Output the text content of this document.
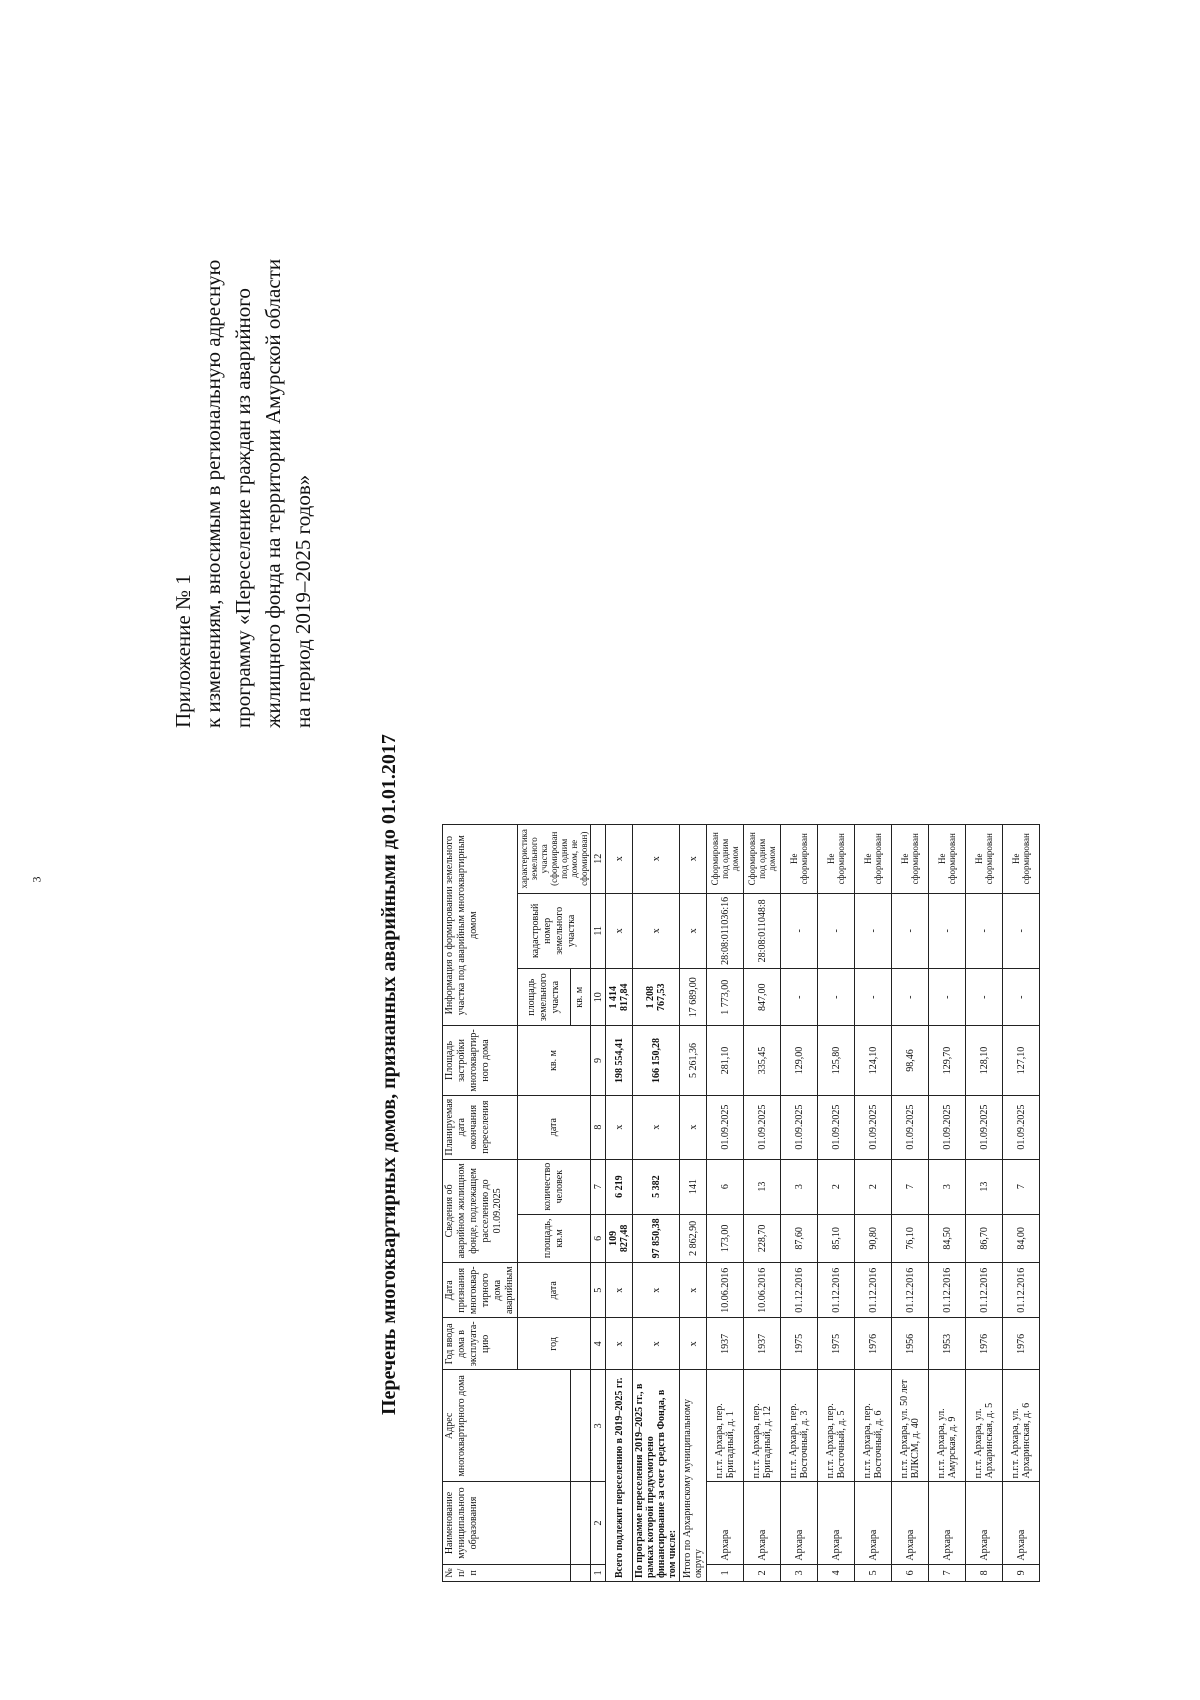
3
Приложение № 1 к изменениям, вносимым в региональную адресную программу «Переселение граждан из аварийного жилищного фонда на территории Амурской области на период 2019–2025 годов»
Перечень многоквартирных домов, признанных аварийными до 01.01.2017
№ п/п	Наименование муниципального образования	Адрес многоквартирного дома	Год ввода дома в эксплуата-цию	Дата признания многоквар-тирного дома аварийным	Сведения об аварийном жилищном фонде, подлежащем расселению до 01.09.2025		Планируемая дата окончания переселения	Площадь застройки многоквартир-ного дома	Информация о формировании земельного участка под аварийным многоквартирным домом		
			год	дата	площадь, кв.м	количество человек	дата	кв. м	площадь земельного участка	кадастровый номер земельного участка	характеристика земельного участка (сформирован под одним домом, не сформирован)
									кв. м		
1	2	3	4	5	6	7	8	9	10	11	12
Всего подлежит переселению в 2019–2025 гг.			x	x	109 827,48	6 219	x	198 554,41	1 414 817,84	x	x
По программе переселения 2019–2025 гг., в рамках которой предусмотрено финансирование за счет средств Фонда, в том числе:			x	x	97 850,38	5 382	x	166 150,28	1 208 767,53	x	x
Итого по Архаринскому муниципальному округу			x	x	2 862,90	141	x	5 261,36	17 689,00	x	x
1	Архара	п.г.т. Архара, пер. Бригадный, д. 1	1937	10.06.2016	173,00	6	01.09.2025	281,10	1 773,00	28:08:011036:16	Сформирован под одним домом
2	Архара	п.г.т. Архара, пер. Бригадный, д. 12	1937	10.06.2016	228,70	13	01.09.2025	335,45	847,00	28:08:011048:8	Сформирован под одним домом
3	Архара	п.г.т. Архара, пер. Восточный, д. 3	1975	01.12.2016	87,60	3	01.09.2025	129,00	-	-	Не сформирован
4	Архара	п.г.т. Архара, пер. Восточный, д. 5	1975	01.12.2016	85,10	2	01.09.2025	125,80	-	-	Не сформирован
5	Архара	п.г.т. Архара, пер. Восточный, д. 6	1976	01.12.2016	90,80	2	01.09.2025	124,10	-	-	Не сформирован
6	Архара	п.г.т. Архара, ул. 50 лет ВЛКСМ, д. 40	1956	01.12.2016	76,10	7	01.09.2025	98,46	-	-	Не сформирован
7	Архара	п.г.т. Архара, ул. Амурская, д. 9	1953	01.12.2016	84,50	3	01.09.2025	129,70	-	-	Не сформирован
8	Архара	п.г.т. Архара, ул. Архаринская, д. 5	1976	01.12.2016	86,70	13	01.09.2025	128,10	-	-	Не сформирован
9	Архара	п.г.т. Архара, ул. Архаринская, д. 6	1976	01.12.2016	84,00	7	01.09.2025	127,10	-	-	Не сформирован
